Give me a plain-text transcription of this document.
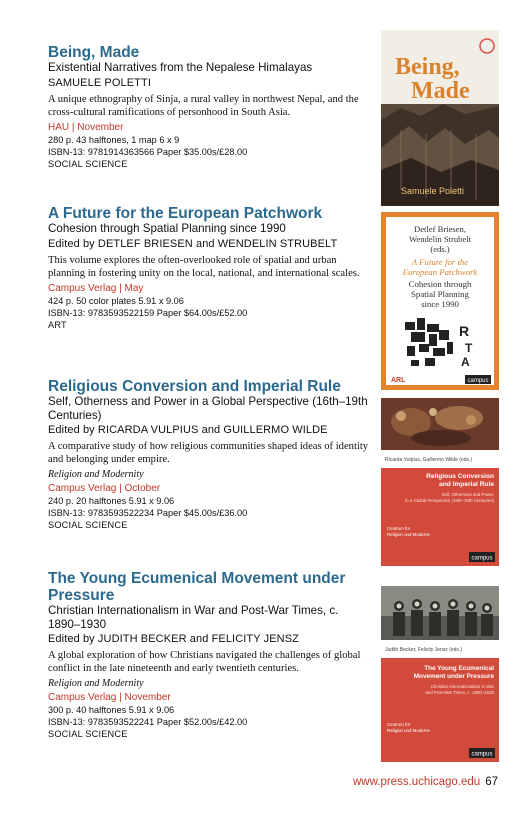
Being, Made

Existential Narratives from the Nepalese Himalayas

SAMUELE POLETTI

A unique ethnography of Sinja, a rural valley in northwest Nepal, and the cross-cultural ramifications of personhood in South Asia.

HAU | November

280 p. 43 halftones, 1 map 6 x 9

ISBN-13: 9781914363566 Paper $35.00s/£28.00

SOCIAL SCIENCE

A Future for the European Patchwork

Cohesion through Spatial Planning since 1990

Edited by DETLEF BRIESEN and WENDELIN STRUBELT

This volume explores the often-overlooked role of spatial and urban planning in fostering unity on the local, national, and international scales.

Campus Verlag | May

424 p. 50 color plates 5.91 x 9.06

ISBN-13: 9783593522159 Paper $64.00s/£52.00

ART

Religious Conversion and Imperial Rule

Self, Otherness and Power in a Global Perspective (16th–19th Centuries)

Edited by RICARDA VULPIUS and GUILLERMO WILDE

A comparative study of how religious communities shaped ideas of identity and belonging under empire.

Religion and Modernity

Campus Verlag | October

240 p. 20 halftones 5.91 x 9.06

ISBN-13: 9783593522234 Paper $45.00s/£36.00

SOCIAL SCIENCE

The Young Ecumenical Movement under Pressure

Christian Internationalism in War and Post-War Times, c. 1890–1930

Edited by JUDITH BECKER and FELICITY JENSZ

A global exploration of how Christians navigated the challenges of global conflict in the late nineteenth and early twentieth centuries.

Religion and Modernity

Campus Verlag | November

300 p. 40 halftones 5.91 x 9.06

ISBN-13: 9783593522241 Paper $52.00s/£42.00

SOCIAL SCIENCE

Being,
Made
Samuele Poletti
Detlef Briesen,
Wendelin Strubelt
(eds.)
A Future for the
European Patchwork
Cohesion through
Spatial Planning
since 1990
R
T
A
ARL	campus
Ricarda Vulpius, Guillermo Wilde (eds.)
Religious Conversion
and Imperial Rule
Self, Otherness and Power
in a Global Perspective (16th–19th Centuries)
Centrum für
Religion und Moderne
campus
Judith Becker, Felicity Jensz (eds.)
The Young Ecumenical
Movement under Pressure
Christian Internationalism in War
and Post-War Times, c. 1890–1930
Centrum für
Religion und Moderne
campus
www.press.uchicago.edu 67
